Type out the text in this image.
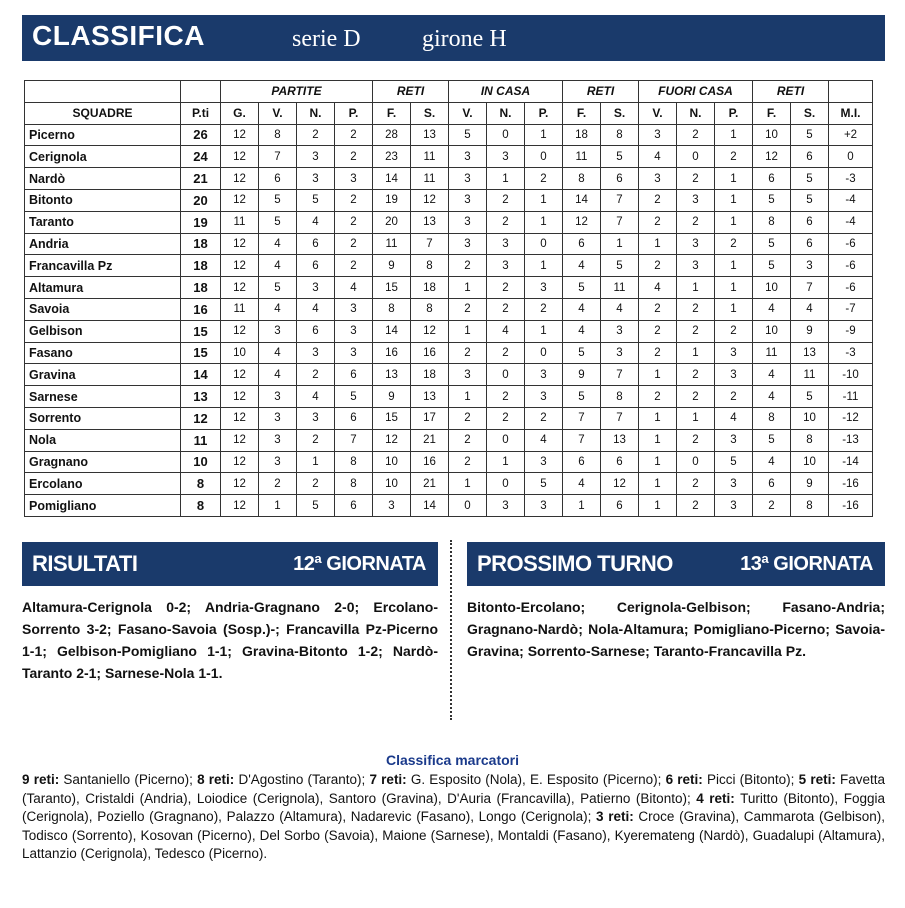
CLASSIFICA	serie D	girone H
		PARTITE				RETI		IN CASA			RETI		FUORI CASA			RETI		
SQUADRE	P.ti	G.	V.	N.	P.	F.	S.	V.	N.	P.	F.	S.	V.	N.	P.	F.	S.	M.I.
Picerno	26	12	8	2	2	28	13	5	0	1	18	8	3	2	1	10	5	+2
Cerignola	24	12	7	3	2	23	11	3	3	0	11	5	4	0	2	12	6	0
Nardò	21	12	6	3	3	14	11	3	1	2	8	6	3	2	1	6	5	-3
Bitonto	20	12	5	5	2	19	12	3	2	1	14	7	2	3	1	5	5	-4
Taranto	19	11	5	4	2	20	13	3	2	1	12	7	2	2	1	8	6	-4
Andria	18	12	4	6	2	11	7	3	3	0	6	1	1	3	2	5	6	-6
Francavilla Pz	18	12	4	6	2	9	8	2	3	1	4	5	2	3	1	5	3	-6
Altamura	18	12	5	3	4	15	18	1	2	3	5	11	4	1	1	10	7	-6
Savoia	16	11	4	4	3	8	8	2	2	2	4	4	2	2	1	4	4	-7
Gelbison	15	12	3	6	3	14	12	1	4	1	4	3	2	2	2	10	9	-9
Fasano	15	10	4	3	3	16	16	2	2	0	5	3	2	1	3	11	13	-3
Gravina	14	12	4	2	6	13	18	3	0	3	9	7	1	2	3	4	11	-10
Sarnese	13	12	3	4	5	9	13	1	2	3	5	8	2	2	2	4	5	-11
Sorrento	12	12	3	3	6	15	17	2	2	2	7	7	1	1	4	8	10	-12
Nola	11	12	3	2	7	12	21	2	0	4	7	13	1	2	3	5	8	-13
Gragnano	10	12	3	1	8	10	16	2	1	3	6	6	1	0	5	4	10	-14
Ercolano	8	12	2	2	8	10	21	1	0	5	4	12	1	2	3	6	9	-16
Pomigliano	8	12	1	5	6	3	14	0	3	3	1	6	1	2	3	2	8	-16
RISULTATI	12ª GIORNATA PROSSIMO TURNO	13ª GIORNATA
Altamura-Cerignola 0-2; Andria-Gragnano 2-0; Ercolano-Sorrento 3-2; Fasano-Savoia (Sosp.)-; Francavilla Pz-Picerno 1-1; Gelbison-Pomigliano 1-1; Gravina-Bitonto 1-2; Nardò-Taranto 2-1; Sarnese-Nola 1-1.
Bitonto-Ercolano; Cerignola-Gelbison; Fasano-Andria; Gragnano-Nardò; Nola-Altamura; Pomigliano-Picerno; Savoia-Gravina; Sorrento-Sarnese; Taranto-Francavilla Pz.
Classifica marcatori
9 reti: Santaniello (Picerno); 8 reti: D'Agostino (Taranto); 7 reti: G. Esposito (Nola), E. Esposito (Picerno); 6 reti: Picci (Bitonto); 5 reti: Favetta (Taranto), Cristaldi (Andria), Loiodice (Cerignola), Santoro (Gravina), D'Auria (Francavilla), Patierno (Bitonto); 4 reti: Turitto (Bitonto), Foggia (Cerignola), Poziello (Gragnano), Palazzo (Altamura), Nadarevic (Fasano), Longo (Cerignola); 3 reti: Croce (Gravina), Cammarota (Gelbison), Todisco (Sorrento), Kosovan (Picerno), Del Sorbo (Savoia), Maione (Sarnese), Montaldi (Fasano), Kyeremateng (Nardò), Guadalupi (Altamura), Lattanzio (Cerignola), Tedesco (Picerno).
